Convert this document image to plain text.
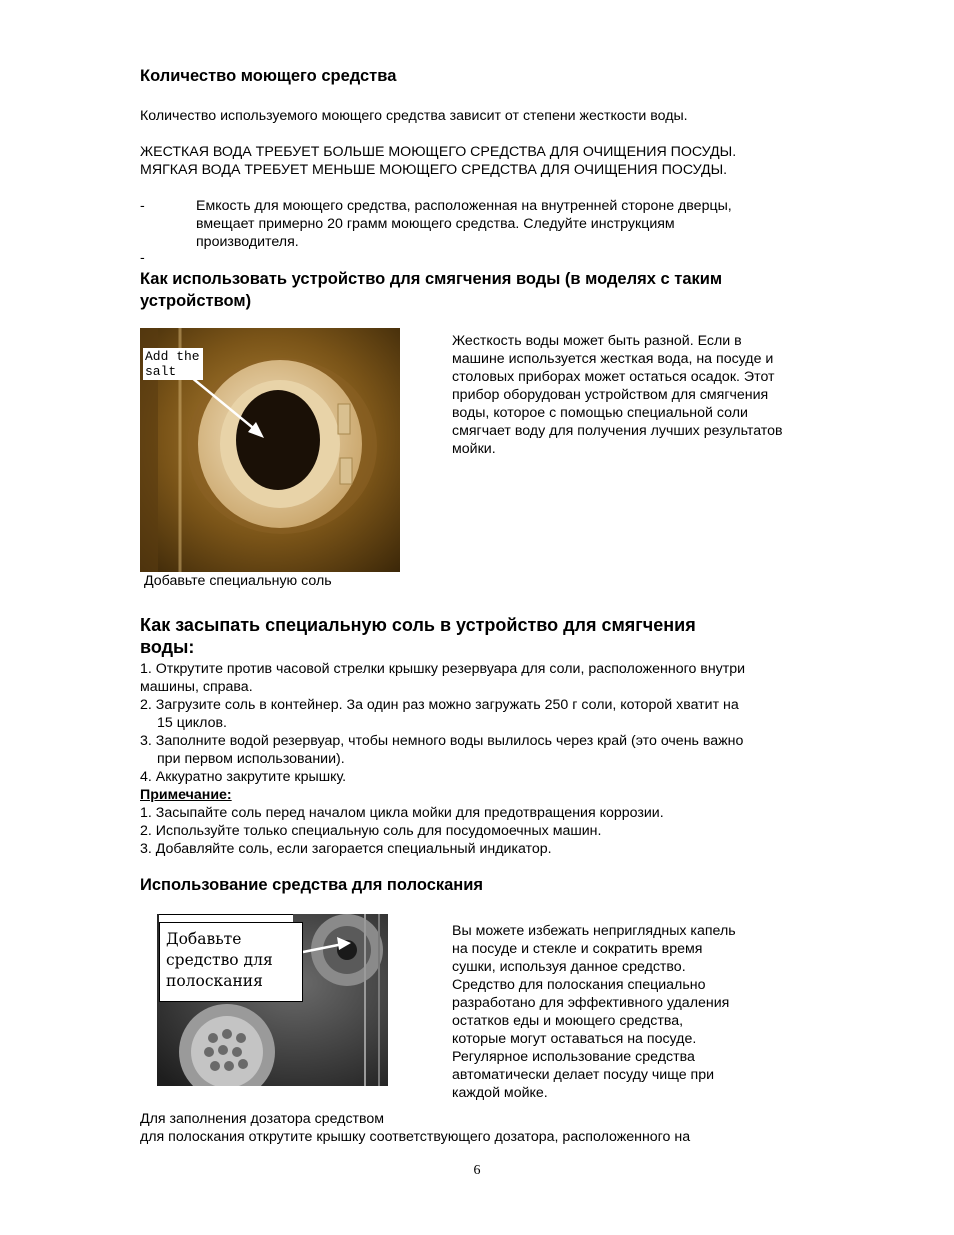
Количество моющего средства
Количество используемого моющего средства зависит от степени жесткости воды.
ЖЕСТКАЯ ВОДА ТРЕБУЕТ БОЛЬШЕ МОЮЩЕГО СРЕДСТВА ДЛЯ ОЧИЩЕНИЯ ПОСУДЫ.
МЯГКАЯ ВОДА ТРЕБУЕТ МЕНЬШЕ МОЮЩЕГО СРЕДСТВА ДЛЯ ОЧИЩЕНИЯ ПОСУДЫ.
-	Емкость для моющего средства, расположенная на внутренней стороне дверцы,
вмещает примерно 20 грамм моющего средства. Следуйте инструкциям
производителя.
-
Как использовать устройство для смягчения воды (в моделях с таким
устройством)
Add the
salt
Добавьте специальную соль
Жесткость воды может быть разной. Если в
машине используется жесткая вода, на посуде и
столовых приборах может остаться осадок. Этот
прибор оборудован устройством для смягчения
воды, которое с помощью специальной соли
смягчает воду для получения лучших результатов
мойки.
Как засыпать специальную соль в устройство для смягчения
воды:
1. Открутите против часовой стрелки крышку резервуара для соли, расположенного внутри
машины, справа.
2. Загрузите соль в контейнер. За один раз можно загружать 250 г соли, которой хватит на
15 циклов.
3. Заполните водой резервуар, чтобы немного воды вылилось через край (это очень важно
при первом использовании).
4. Аккуратно закрутите крышку.
Примечание:
1. Засыпайте соль перед началом цикла мойки для предотвращения коррозии.
2. Используйте только специальную соль для посудомоечных машин.
3. Добавляйте соль, если загорается специальный индикатор.
Использование средства для полоскания
Добавьте
средство для
полоскания
Вы можете избежать неприглядных капель
на посуде и стекле и сократить время
сушки, используя данное средство.
Средство для полоскания специально
разработано для эффективного удаления
остатков еды и моющего средства,
которые могут оставаться на посуде.
Регулярное использование средства
автоматически делает посуду чище при
каждой мойке.
Для заполнения дозатора средством
для полоскания открутите крышку соответствующего дозатора, расположенного на
6
